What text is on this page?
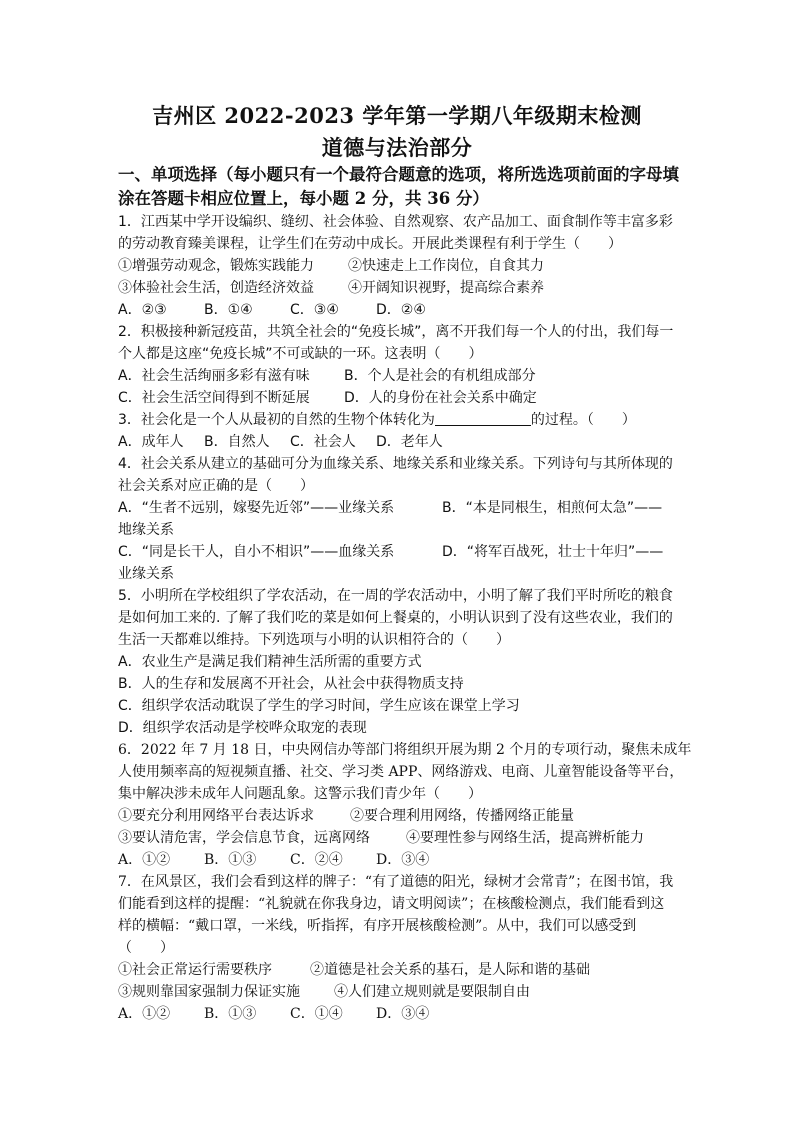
吉州区 2022-2023 学年第一学期八年级期末检测
道德与法治部分
一、单项选择（每小题只有一个最符合题意的选项，将所选选项前面的字母填涂在答题卡相应位置上，每小题 2 分，共 36 分）
1．江西某中学开设编织、缝纫、社会体验、自然观察、农产品加工、面食制作等丰富多彩
的劳动教育臻美课程，让学生们在劳动中成长。开展此类课程有利于学生（　　）
①增强劳动观念，锻炼实践能力 ②快速走上工作岗位，自食其力
③体验社会生活，创造经济效益 ④开阔知识视野，提高综合素养
A．②③	B．①④	C．③④	D．②④
2．积极接种新冠疫苗，共筑全社会的“免疫长城”，离不开我们每一个人的付出，我们每一
个人都是这座“免疫长城”不可或缺的一环。这表明（　　）
A．社会生活绚丽多彩有滋有味 B．个人是社会的有机组成部分
C．社会生活空间得到不断延展 D．人的身份在社会关系中确定
3．社会化是一个人从最初的自然的生物个体转化为	的过程。（　　）
A．成年人 B．自然人 C．社会人 D．老年人
4．社会关系从建立的基础可分为血缘关系、地缘关系和业缘关系。下列诗句与其所体现的
社会关系对应正确的是（　　）
A．“生者不远别，嫁娶先近邻”——业缘关系	B．“本是同根生，相煎何太急”——
地缘关系
C．“同是长干人，自小不相识”——血缘关系	D．“将军百战死，壮士十年归”——
业缘关系
5．小明所在学校组织了学农活动，在一周的学农活动中，小明了解了我们平时所吃的粮食
是如何加工来的. 了解了我们吃的菜是如何上餐桌的，小明认识到了没有这些农业，我们的
生活一天都难以维持。下列选项与小明的认识相符合的（　　）
A．农业生产是满足我们精神生活所需的重要方式
B．人的生存和发展离不开社会，从社会中获得物质支持
C．组织学农活动耽误了学生的学习时间，学生应该在课堂上学习
D．组织学农活动是学校哗众取宠的表现
6．2022 年 7 月 18 日，中央网信办等部门将组织开展为期 2 个月的专项行动，聚焦未成年
人使用频率高的短视频直播、社交、学习类 APP、网络游戏、电商、儿童智能设备等平台，
集中解决涉未成年人问题乱象。这警示我们青少年（　　）
①要充分利用网络平台表达诉求	②要合理利用网络，传播网络正能量
③要认清危害，学会信息节食，远离网络	④要理性参与网络生活，提高辨析能力
A．①② B．①③ C．②④ D．③④
7．在风景区，我们会看到这样的牌子：“有了道德的阳光，绿树才会常青”；在图书馆，我
们能看到这样的提醒：“礼貌就在你我身边，请文明阅读”；在核酸检测点，我们能看到这
样的横幅：“戴口罩，一米线，听指挥，有序开展核酸检测”。从中，我们可以感受到
（　　）
①社会正常运行需要秩序	②道德是社会关系的基石，是人际和谐的基础
③规则靠国家强制力保证实施 ④人们建立规则就是要限制自由
A．①② B．①③ C．①④ D．③④
